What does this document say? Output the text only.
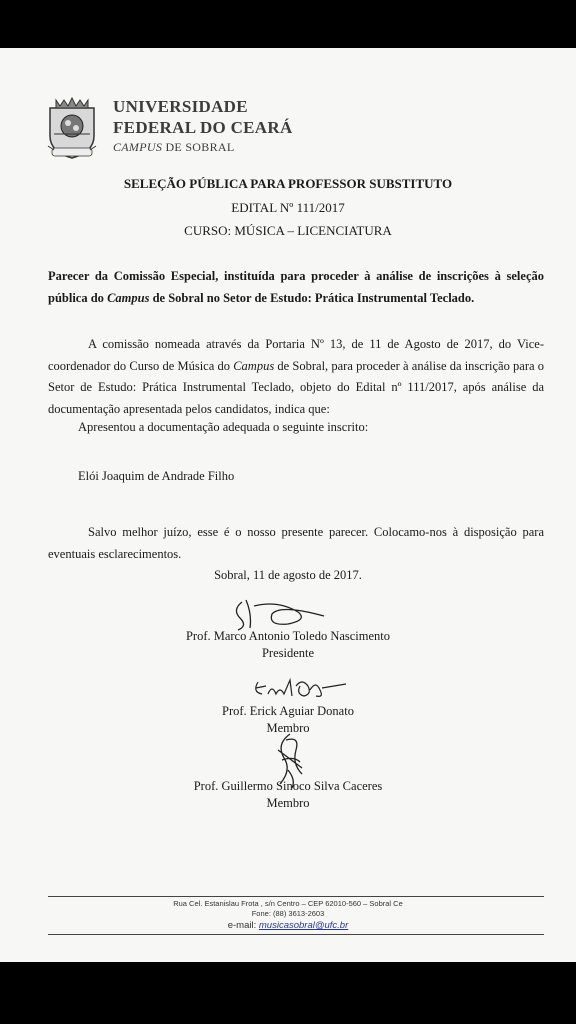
UNIVERSIDADE
FEDERAL DO CEARÁ
CAMPUS DE SOBRAL
SELEÇÃO PÚBLICA PARA PROFESSOR SUBSTITUTO
EDITAL Nº 111/2017
CURSO: MÚSICA – LICENCIATURA
Parecer da Comissão Especial, instituída para proceder à análise de inscrições à seleção pública do Campus de Sobral no Setor de Estudo: Prática Instrumental Teclado.
A comissão nomeada através da Portaria Nº 13, de 11 de Agosto de 2017, do Vice-coordenador do Curso de Música do Campus de Sobral, para proceder à análise da inscrição para o Setor de Estudo: Prática Instrumental Teclado, objeto do Edital nº 111/2017, após análise da documentação apresentada pelos candidatos, indica que:
Apresentou a documentação adequada o seguinte inscrito:
Elói Joaquim de Andrade Filho
Salvo melhor juízo, esse é o nosso presente parecer. Colocamo-nos à disposição para eventuais esclarecimentos.
Sobral, 11 de agosto de 2017.
Prof. Marco Antonio Toledo Nascimento
Presidente
Prof. Erick Aguiar Donato
Membro
Prof. Guillermo Sinoco Silva Caceres
Membro
Rua Cel. Estanislau Frota , s/n Centro – CEP 62010-560 – Sobral Ce
Fone: (88) 3613-2603
e-mail: musicasobral@ufc.br
